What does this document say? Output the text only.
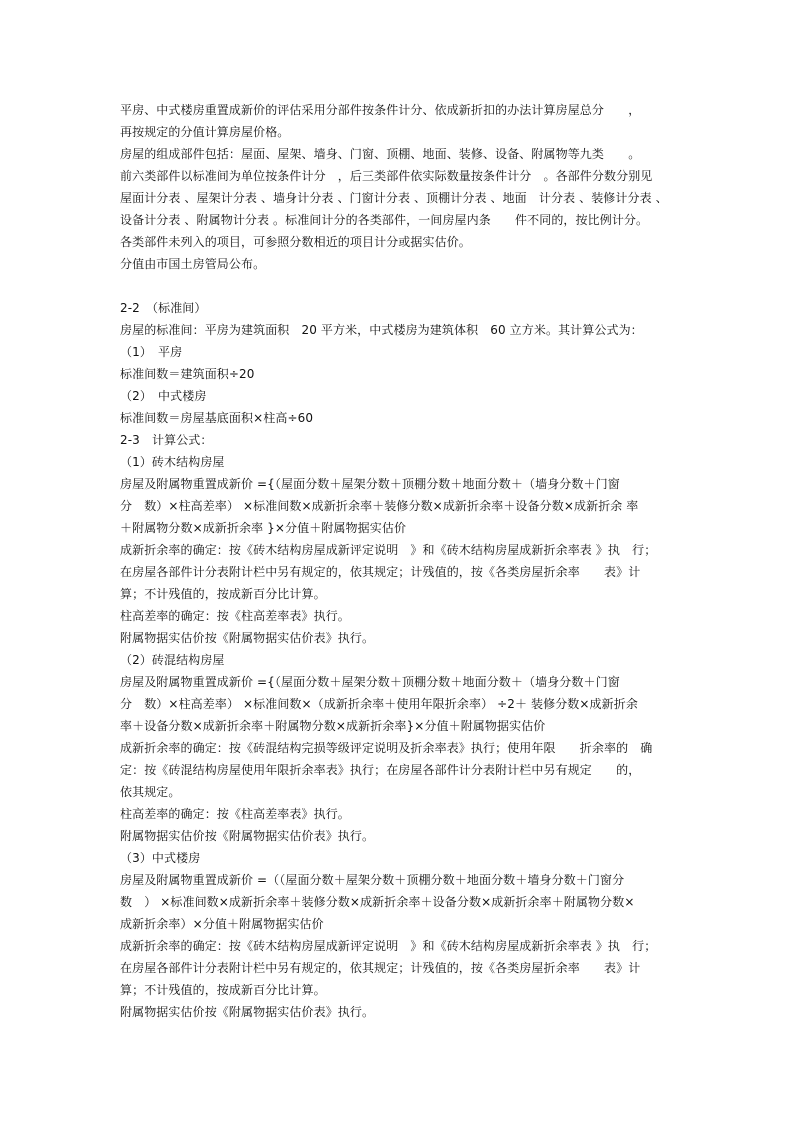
平房、中式楼房重置成新价的评估采用分部件按条件计分、依成新折扣的办法计算房屋总分　　，
再按规定的分值计算房屋价格。
房屋的组成部件包括：屋面、屋架、墙身、门窗、顶棚、地面、装修、设备、附属物等九类　　。
前六类部件以标准间为单位按条件计分　，后三类部件依实际数量按条件计分　。各部件分数分别见
屋面计分表 、屋架计分表 、墙身计分表 、门窗计分表 、顶棚计分表 、地面　计分表 、装修计分表 、
设备计分表 、附属物计分表 。标准间计分的各类部件，一间房屋内条　　件不同的，按比例计分。
各类部件未列入的项目，可参照分数相近的项目计分或据实估价。
分值由市国土房管局公布。
2-2　（标准间）
房屋的标准间：平房为建筑面积　20 平方米，中式楼房为建筑体积　60 立方米。其计算公式为：
（1）　平房
标准间数＝建筑面积÷20
（2）　中式楼房
标准间数＝房屋基底面积×柱高÷60
2-3　计算公式：
（1）砖木结构房屋
房屋及附属物重置成新价 ={（屋面分数＋屋架分数＋顶棚分数＋地面分数＋（墙身分数＋门窗
分　数）×柱高差率） ×标准间数×成新折余率＋装修分数×成新折余率＋设备分数×成新折余 率
＋附属物分数×成新折余率 }×分值＋附属物据实估价
成新折余率的确定：按《砖木结构房屋成新评定说明　》和《砖木结构房屋成新折余率表 》执　行；
在房屋各部件计分表附计栏中另有规定的，依其规定；计残值的，按《各类房屋折余率　　表》计
算；不计残值的，按成新百分比计算。
柱高差率的确定：按《柱高差率表》执行。
附属物据实估价按《附属物据实估价表》执行。
（2）砖混结构房屋
房屋及附属物重置成新价 ={（屋面分数＋屋架分数＋顶棚分数＋地面分数＋（墙身分数＋门窗
分　数）×柱高差率） ×标准间数×（成新折余率＋使用年限折余率） ÷2＋ 装修分数×成新折余
率＋设备分数×成新折余率＋附属物分数×成新折余率}×分值＋附属物据实估价
成新折余率的确定：按《砖混结构完损等级评定说明及折余率表》执行；使用年限　　折余率的　确
定：按《砖混结构房屋使用年限折余率表》执行；在房屋各部件计分表附计栏中另有规定　　的，
依其规定。
柱高差率的确定：按《柱高差率表》执行。
附属物据实估价按《附属物据实估价表》执行。
（3）中式楼房
房屋及附属物重置成新价 =（（屋面分数＋屋架分数＋顶棚分数＋地面分数＋墙身分数＋门窗分
数　） ×标准间数×成新折余率＋装修分数×成新折余率＋设备分数×成新折余率＋附属物分数×
成新折余率）×分值＋附属物据实估价
成新折余率的确定：按《砖木结构房屋成新评定说明　》和《砖木结构房屋成新折余率表 》执　行；
在房屋各部件计分表附计栏中另有规定的，依其规定；计残值的，按《各类房屋折余率　　表》计
算；不计残值的，按成新百分比计算。
附属物据实估价按《附属物据实估价表》执行。
